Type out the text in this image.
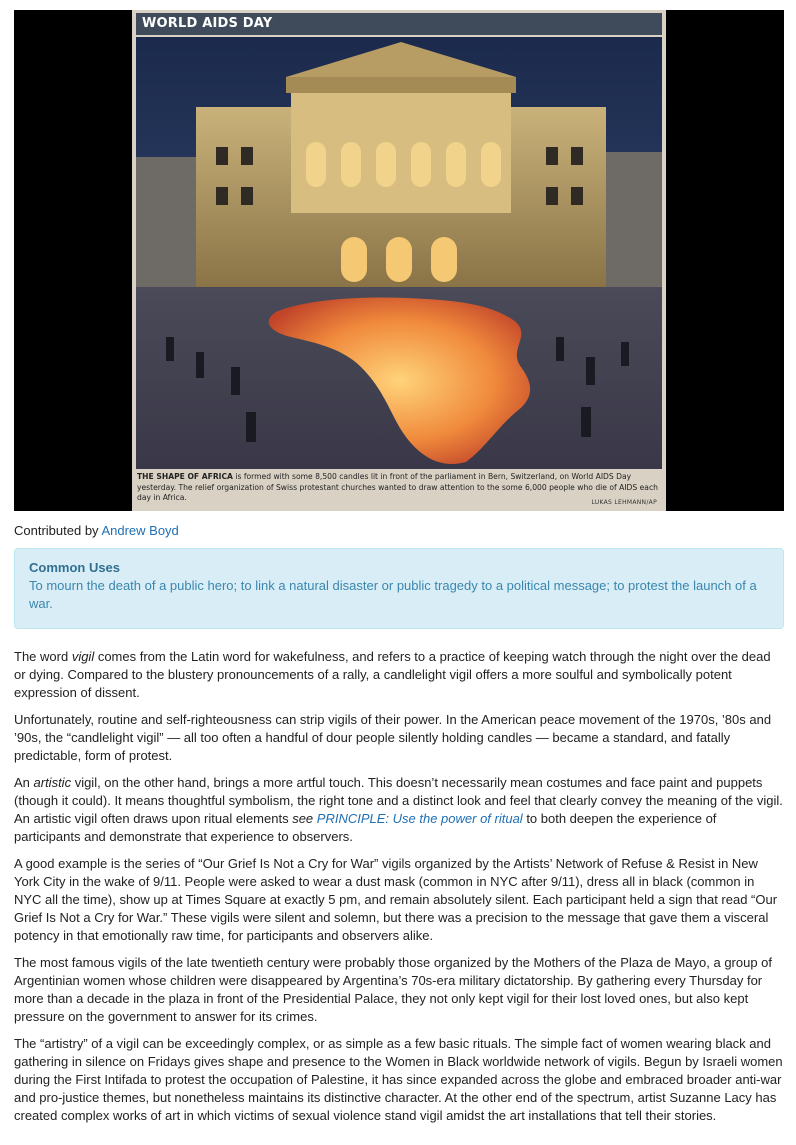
WORLD AIDS DAY
THE SHAPE OF AFRICA is formed with some 8,500 candles lit in front of the parliament in Bern, Switzerland, on World AIDS Day yesterday. The relief organization of Swiss protestant churches wanted to draw attention to the some 6,000 people who die of AIDS each day in Africa.	LUKAS LEHMANN/AP
Contributed by Andrew Boyd
Common Uses
To mourn the death of a public hero; to link a natural disaster or public tragedy to a political message; to protest the launch of a war.

The word vigil comes from the Latin word for wakefulness, and refers to a practice of keeping watch through the night over the dead or dying. Compared to the blustery pronouncements of a rally, a candlelight vigil offers a more soulful and symbolically potent expression of dissent.

Unfortunately, routine and self-righteousness can strip vigils of their power. In the American peace movement of the 1970s, ’80s and ’90s, the “candlelight vigil” — all too often a handful of dour people silently holding candles — became a standard, and fatally predictable, form of protest.

An artistic vigil, on the other hand, brings a more artful touch. This doesn’t necessarily mean costumes and face paint and puppets (though it could). It means thoughtful symbolism, the right tone and a distinct look and feel that clearly convey the meaning of the vigil. An artistic vigil often draws upon ritual elements see PRINCIPLE: Use the power of ritual to both deepen the experience of participants and demonstrate that experience to observers.

A good example is the series of “Our Grief Is Not a Cry for War” vigils organized by the Artists’ Network of Refuse & Resist in New York City in the wake of 9/11. People were asked to wear a dust mask (common in NYC after 9/11), dress all in black (common in NYC all the time), show up at Times Square at exactly 5 pm, and remain absolutely silent. Each participant held a sign that read “Our Grief Is Not a Cry for War.” These vigils were silent and solemn, but there was a precision to the message that gave them a visceral potency in that emotionally raw time, for participants and observers alike.

The most famous vigils of the late twentieth century were probably those organized by the Mothers of the Plaza de Mayo, a group of Argentinian women whose children were disappeared by Argentina’s 70s-era military dictatorship. By gathering every Thursday for more than a decade in the plaza in front of the Presidential Palace, they not only kept vigil for their lost loved ones, but also kept pressure on the government to answer for its crimes.

The “artistry” of a vigil can be exceedingly complex, or as simple as a few basic rituals. The simple fact of women wearing black and gathering in silence on Fridays gives shape and presence to the Women in Black worldwide network of vigils. Begun by Israeli women during the First Intifada to protest the occupation of Palestine, it has since expanded across the globe and embraced broader anti-war and pro-justice themes, but nonetheless maintains its distinctive character. At the other end of the spectrum, artist Suzanne Lacy has created complex works of art in which victims of sexual violence stand vigil amidst the art installations that tell their stories.
